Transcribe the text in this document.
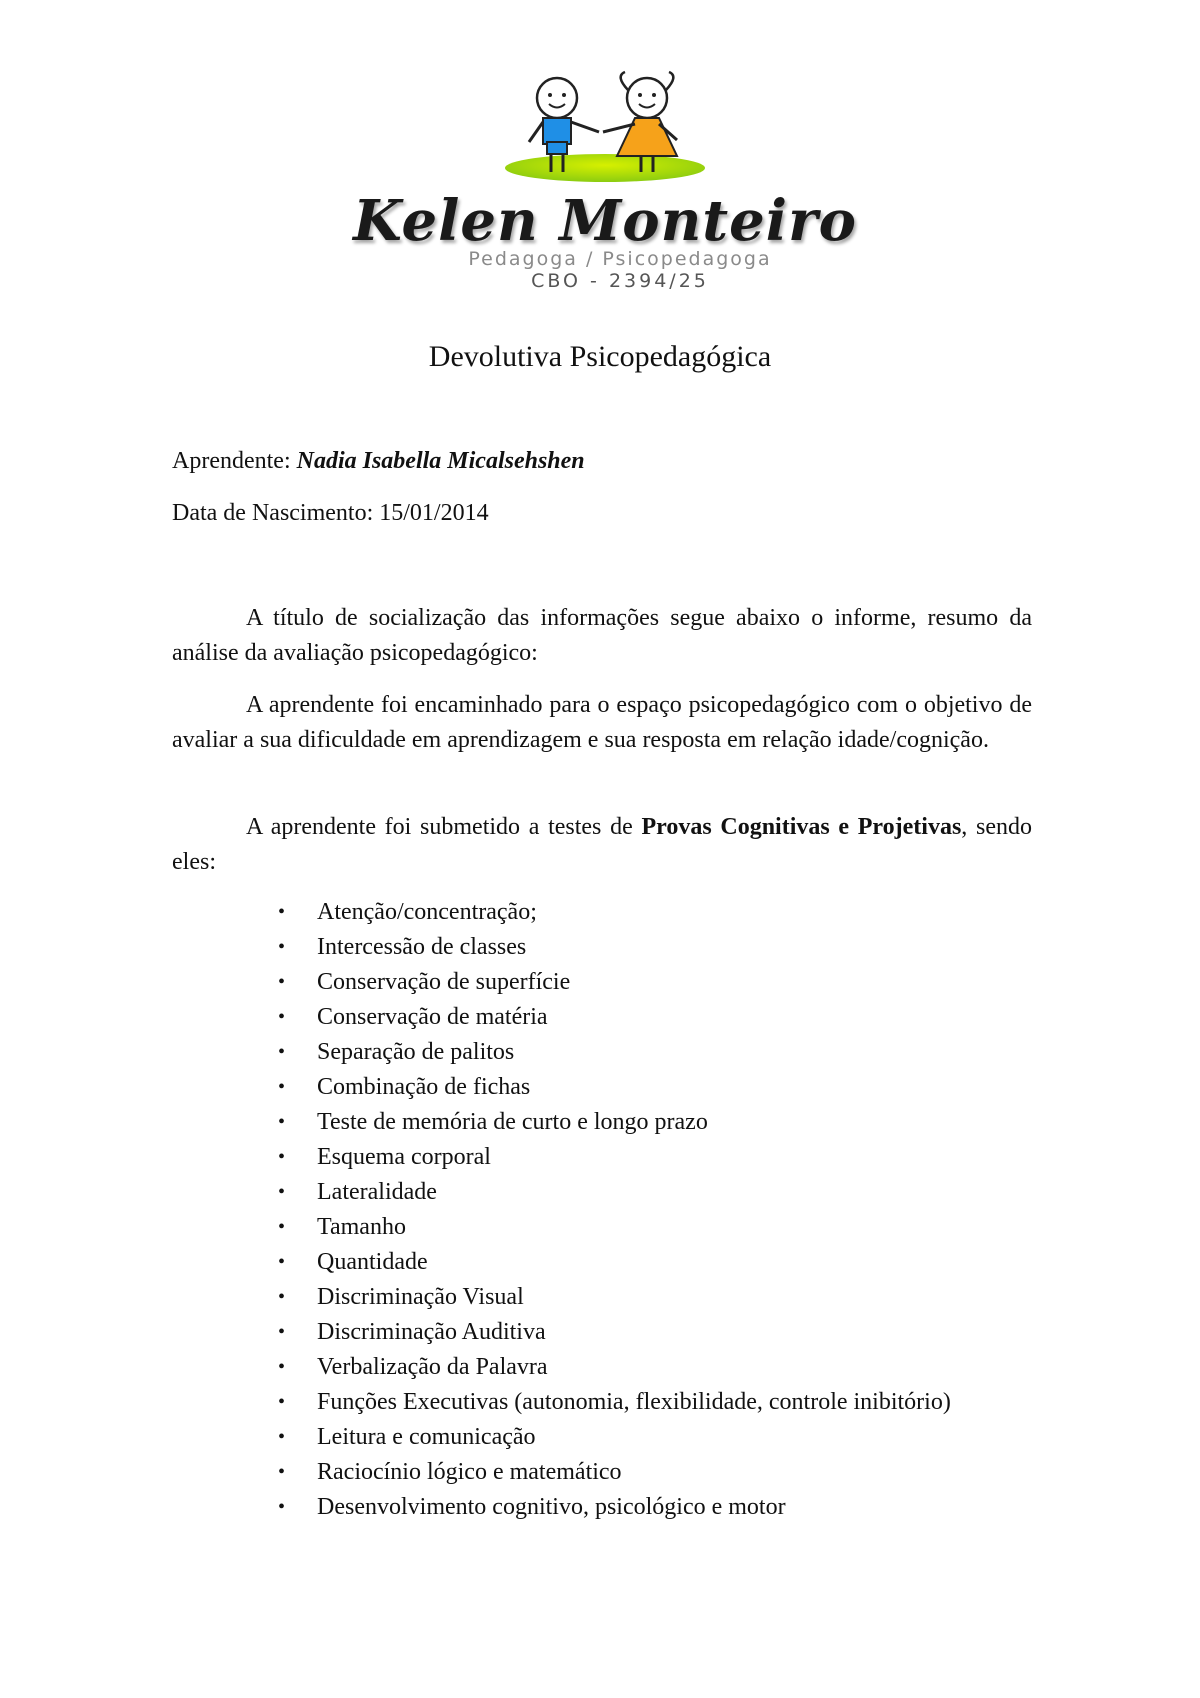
Kelen Monteiro
Pedagoga / Psicopedagoga
CBO - 2394/25
Devolutiva Psicopedagógica
Aprendente: Nadia Isabella Micalsehshen
Data de Nascimento: 15/01/2014
A título de socialização das informações segue abaixo o informe, resumo da análise da avaliação psicopedagógico:
A aprendente foi encaminhado para o espaço psicopedagógico com o objetivo de avaliar a sua dificuldade em aprendizagem e sua resposta em relação idade/cognição.
A aprendente foi submetido a testes de Provas Cognitivas e Projetivas, sendo eles:
• Atenção/concentração;
• Intercessão de classes
• Conservação de superfície
• Conservação de matéria
• Separação de palitos
• Combinação de fichas
• Teste de memória de curto e longo prazo
• Esquema corporal
• Lateralidade
• Tamanho
• Quantidade
• Discriminação Visual
• Discriminação Auditiva
• Verbalização da Palavra
• Funções Executivas (autonomia, flexibilidade, controle inibitório)
• Leitura e comunicação
• Raciocínio lógico e matemático
• Desenvolvimento cognitivo, psicológico e motor
